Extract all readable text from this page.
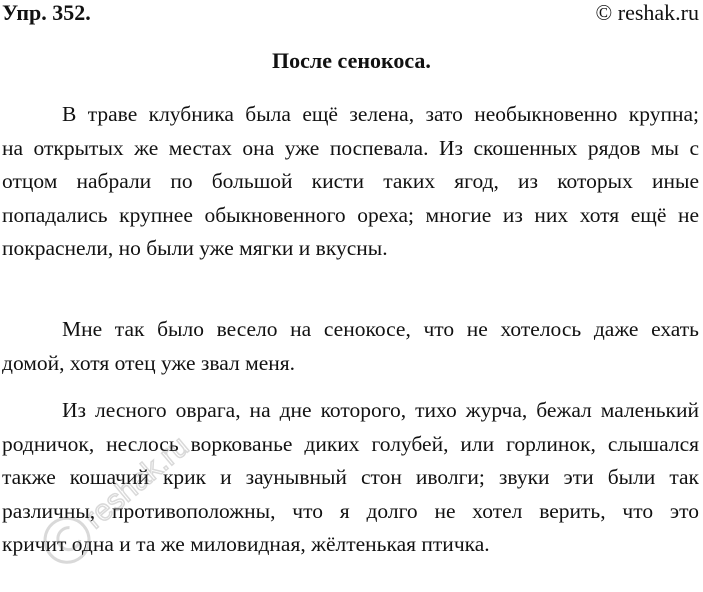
Упр. 352.	© reshak.ru
После сенокоса.
В траве клубника была ещё зелена, зато необыкновенно крупна;
на открытых же местах она уже поспевала. Из скошенных рядов мы с
отцом набрали по большой кисти таких ягод, из которых иные
попадались крупнее обыкновенного ореха; многие из них хотя ещё не
покраснели, но были уже мягки и вкусны.
Мне так было весело на сенокосе, что не хотелось даже ехать
домой, хотя отец уже звал меня.
Из лесного оврага, на дне которого, тихо журча, бежал маленький
родничок, неслось воркованье диких голубей, или горлинок, слышался
также кошачий крик и заунывный стон иволги; звуки эти были так
различны, противоположны, что я долго не хотел верить, что это
кричит одна и та же миловидная, жёлтенькая птичка.
reshak.ru
